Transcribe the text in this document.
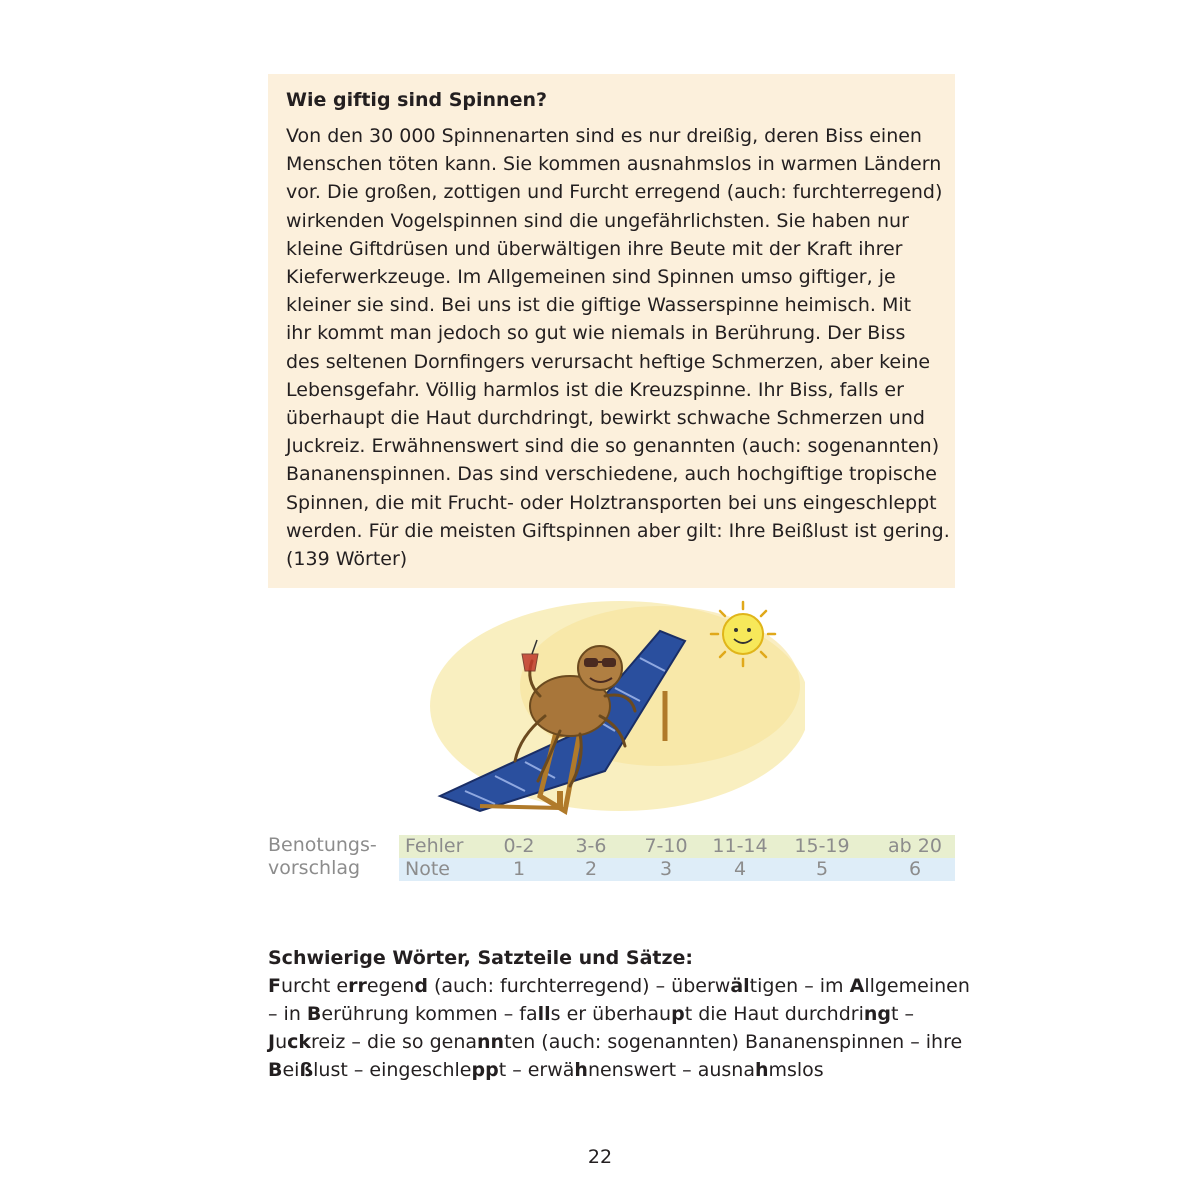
Wie giftig sind Spinnen?

Von den 30 000 Spinnenarten sind es nur dreißig, deren Biss einen
Menschen töten kann. Sie kommen ausnahmslos in warmen Ländern
vor. Die großen, zottigen und Furcht erregend (auch: furchterregend)
wirkenden Vogelspinnen sind die ungefährlichsten. Sie haben nur
kleine Giftdrüsen und überwältigen ihre Beute mit der Kraft ihrer
Kieferwerkzeuge. Im Allgemeinen sind Spinnen umso giftiger, je
kleiner sie sind. Bei uns ist die giftige Wasserspinne heimisch. Mit
ihr kommt man jedoch so gut wie niemals in Berührung. Der Biss
des seltenen Dornfingers verursacht heftige Schmerzen, aber keine
Lebensgefahr. Völlig harmlos ist die Kreuzspinne. Ihr Biss, falls er
überhaupt die Haut durchdringt, bewirkt schwache Schmerzen und
Juckreiz. Erwähnenswert sind die so genannten (auch: sogenannten)
Bananenspinnen. Das sind verschiedene, auch hochgiftige tropische
Spinnen, die mit Frucht- oder Holztransporten bei uns eingeschleppt
werden. Für die meisten Giftspinnen aber gilt: Ihre Beißlust ist gering.
(139 Wörter)

Benotungs-
vorschlag
Fehler	0-2	3-6	7-10	11-14	15-19	ab 20
Note	1	2	3	4	5	6

Schwierige Wörter, Satzteile und Sätze:

Furcht erregend (auch: furchterregend) – überwältigen – im Allgemeinen
– in Berührung kommen – falls er überhaupt die Haut durchdringt –
Juckreiz – die so genannten (auch: sogenannten) Bananenspinnen – ihre
Beißlust – eingeschleppt – erwähnenswert – ausnahmslos

22
